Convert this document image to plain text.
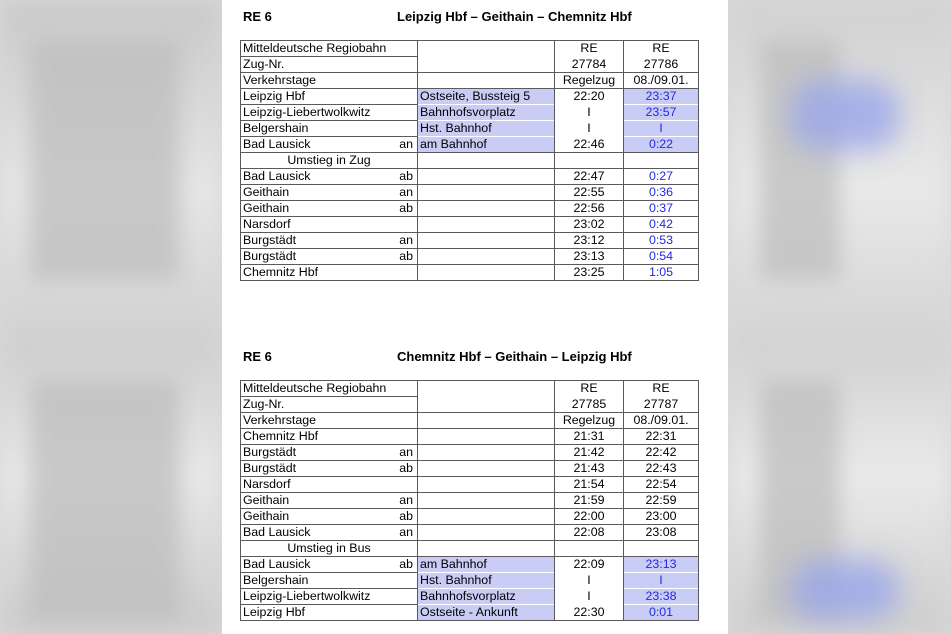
RE 6	Leipzig Hbf – Geithain – Chemnitz Hbf
Mitteldeutsche Regiobahn		RE	RE
Zug-Nr.		27784	27786
Verkehrstage		Regelzug	08./09.01.

Leipzig Hbf	Ostseite, Bussteig 5	22:20	23:37

Leipzig-Liebertwolkwitz	Bahnhofsvorplatz	I	23:57

Belgershain	Hst. Bahnhof	I	I

Bad Lausick an	am Bahnhof	22:46	0:22
Umstieg in Zug			

Bad Lausick ab		22:47	0:27

Geithain an		22:55	0:36

Geithain ab		22:56	0:37

Narsdorf		23:02	0:42

Burgstädt an		23:12	0:53

Burgstädt ab		23:13	0:54

Chemnitz Hbf		23:25	1:05
RE 6	Chemnitz Hbf – Geithain – Leipzig Hbf
Mitteldeutsche Regiobahn		RE	RE
Zug-Nr.		27785	27787
Verkehrstage		Regelzug	08./09.01.

Chemnitz Hbf		21:31	22:31

Burgstädt an		21:42	22:42

Burgstädt ab		21:43	22:43

Narsdorf		21:54	22:54

Geithain an		21:59	22:59

Geithain ab		22:00	23:00

Bad Lausick an		22:08	23:08
Umstieg in Bus			

Bad Lausick ab	am Bahnhof	22:09	23:13

Belgershain	Hst. Bahnhof	I	I

Leipzig-Liebertwolkwitz	Bahnhofsvorplatz	I	23:38

Leipzig Hbf	Ostseite - Ankunft	22:30	0:01
